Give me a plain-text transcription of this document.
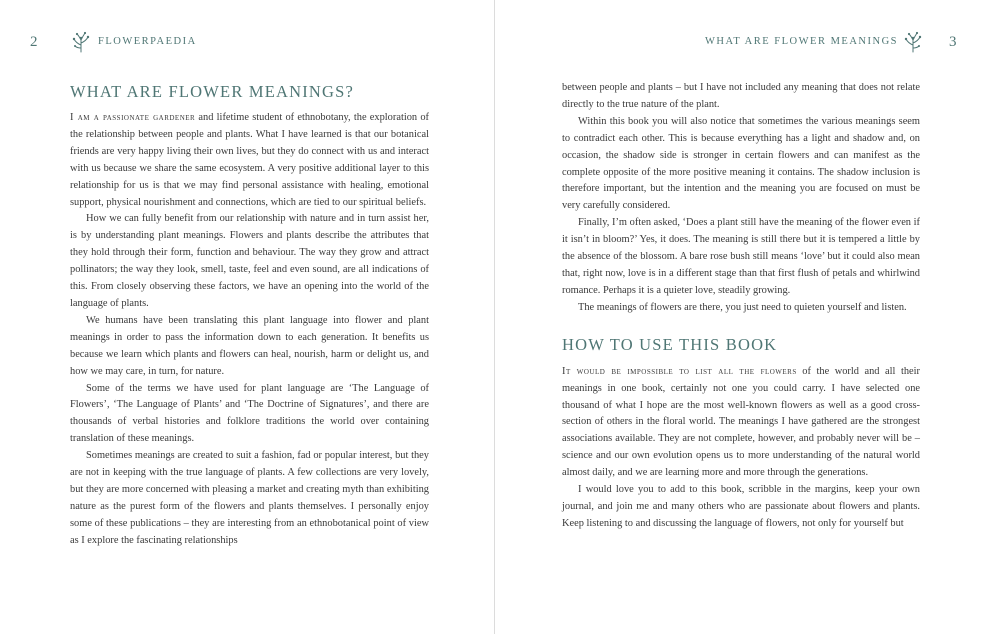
2	FLOWERPAEDIA	WHAT ARE FLOWER MEANINGS	3
WHAT ARE FLOWER MEANINGS?

I am a passionate gardener and lifetime student of ethnobotany, the exploration of the relationship between people and plants. What I have learned is that our botanical friends are very happy living their own lives, but they do connect with us and interact with us because we share the same ecosystem. A very positive additional layer to this relationship for us is that we may find personal assistance with healing, emotional support, physical nourishment and connections, which are tied to our spiritual beliefs.

How we can fully benefit from our relationship with nature and in turn assist her, is by understanding plant meanings. Flowers and plants describe the attributes that they hold through their form, function and behaviour. The way they grow and attract pollinators; the way they look, smell, taste, feel and even sound, are all indications of this. From closely observing these factors, we have an opening into the world of the language of plants.

We humans have been translating this plant language into flower and plant meanings in order to pass the information down to each generation. It benefits us because we learn which plants and flowers can heal, nourish, harm or delight us, and how we may care, in turn, for nature.

Some of the terms we have used for plant language are ‘The Language of Flowers’, ‘The Language of Plants’ and ‘The Doctrine of Signatures’, and there are thousands of verbal histories and folklore traditions the world over containing translation of these meanings.

Sometimes meanings are created to suit a fashion, fad or popular interest, but they are not in keeping with the true language of plants. A few collections are very lovely, but they are more concerned with pleasing a market and creating myth than exhibiting nature as the purest form of the flowers and plants themselves. I personally enjoy some of these publications – they are interesting from an ethnobotanical point of view as I explore the fascinating relationships

between people and plants – but I have not included any meaning that does not relate directly to the true nature of the plant.

Within this book you will also notice that sometimes the various meanings seem to contradict each other. This is because everything has a light and shadow and, on occasion, the shadow side is stronger in certain flowers and can manifest as the complete opposite of the more positive meaning it contains. The shadow inclusion is therefore important, but the intention and the meaning you are focused on must be very carefully considered.

Finally, I’m often asked, ‘Does a plant still have the meaning of the flower even if it isn’t in bloom?’ Yes, it does. The meaning is still there but it is tempered a little by the absence of the blossom. A bare rose bush still means ‘love’ but it could also mean that, right now, love is in a different stage than that first flush of petals and whirlwind romance. Perhaps it is a quieter love, steadily growing.

The meanings of flowers are there, you just need to quieten yourself and listen.

HOW TO USE THIS BOOK

It would be impossible to list all the flowers of the world and all their meanings in one book, certainly not one you could carry. I have selected one thousand of what I hope are the most well-known flowers as well as a good cross-section of others in the floral world. The meanings I have gathered are the strongest associations available. They are not complete, however, and probably never will be – science and our own evolution opens us to more understanding of the natural world almost daily, and we are learning more and more through the generations.

I would love you to add to this book, scribble in the margins, keep your own journal, and join me and many others who are passionate about flowers and plants. Keep listening to and discussing the language of flowers, not only for yourself but
